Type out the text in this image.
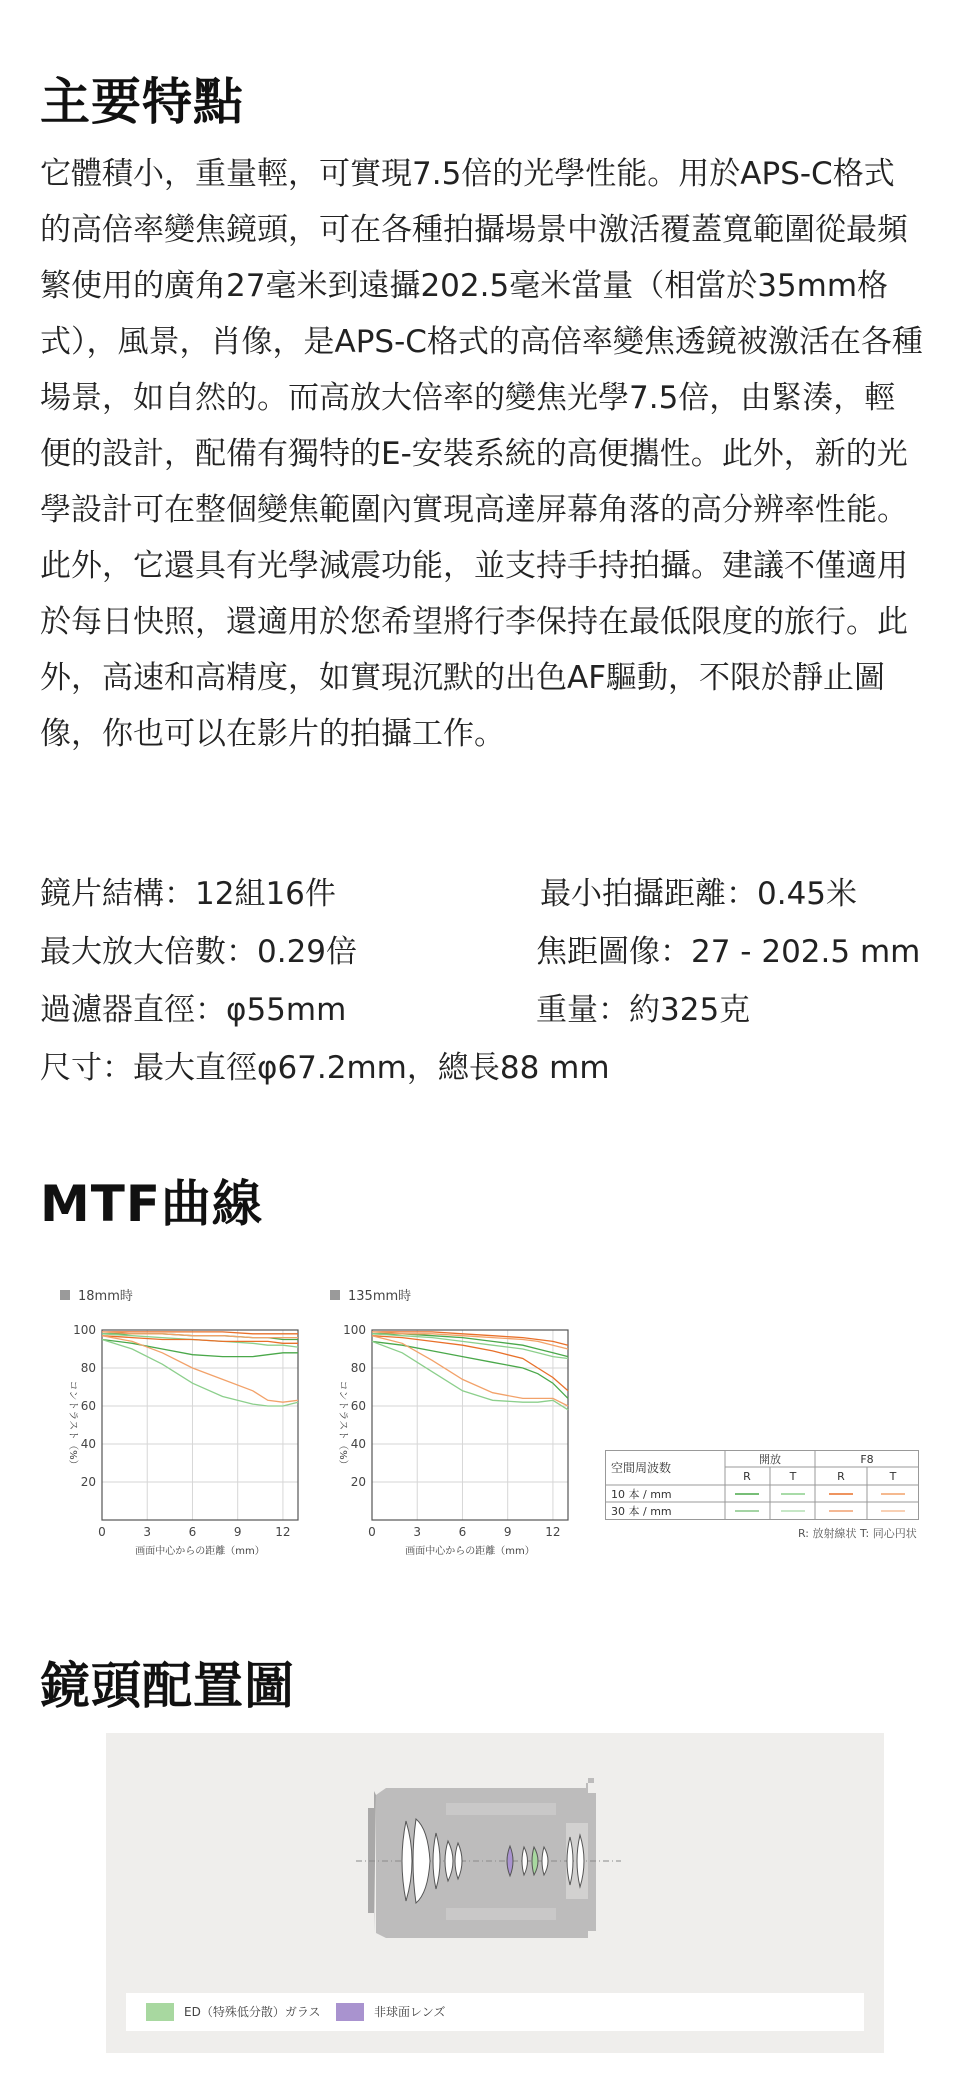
主要特點

它體積小，重量輕，可實現7.5倍的光學性能。用於APS-C格式的高倍率變焦鏡頭，可在各種拍攝場景中激活覆蓋寬範圍從最頻繁使用的廣角27毫米到遠攝202.5毫米當量（相當於35mm格式），風景，肖像，是APS-C格式的高倍率變焦透鏡被激活在各種場景，如自然的。而高放大倍率的變焦光學7.5倍，由緊湊，輕便的設計，配備有獨特的E-安裝系統的高便攜性。此外，新的光學設計可在整個變焦範圍內實現高達屏幕角落的高分辨率性能。此外，它還具有光學減震功能，並支持手持拍攝。建議不僅適用於每日快照，還適用於您希望將行李保持在最低限度的旅行。此外，高速和高精度，如實現沉默的出色AF驅動，不限於靜止圖像，你也可以在影片的拍攝工作。

鏡片結構：12組16件	最小拍攝距離：0.45米
最大放大倍數：0.29倍	焦距圖像：27 - 202.5 mm
過濾器直徑：φ55mm	重量：約325克
尺寸：最大直徑φ67.2mm，總長88 mm
MTF曲線
18mm時
20
40
60
80
100
0	3	6	9	12
画面中心からの距離（mm）
コントラスト（%）
135mm時
20
40
60
80
100
0	3	6	9	12
画面中心からの距離（mm）
コントラスト（%）	空間周波数
開放	F8
R	T	R	T
10 本 / mm
30 本 / mm
R: 放射線状 T: 同心円状
鏡頭配置圖
ED（特殊低分散）ガラス	非球面レンズ
